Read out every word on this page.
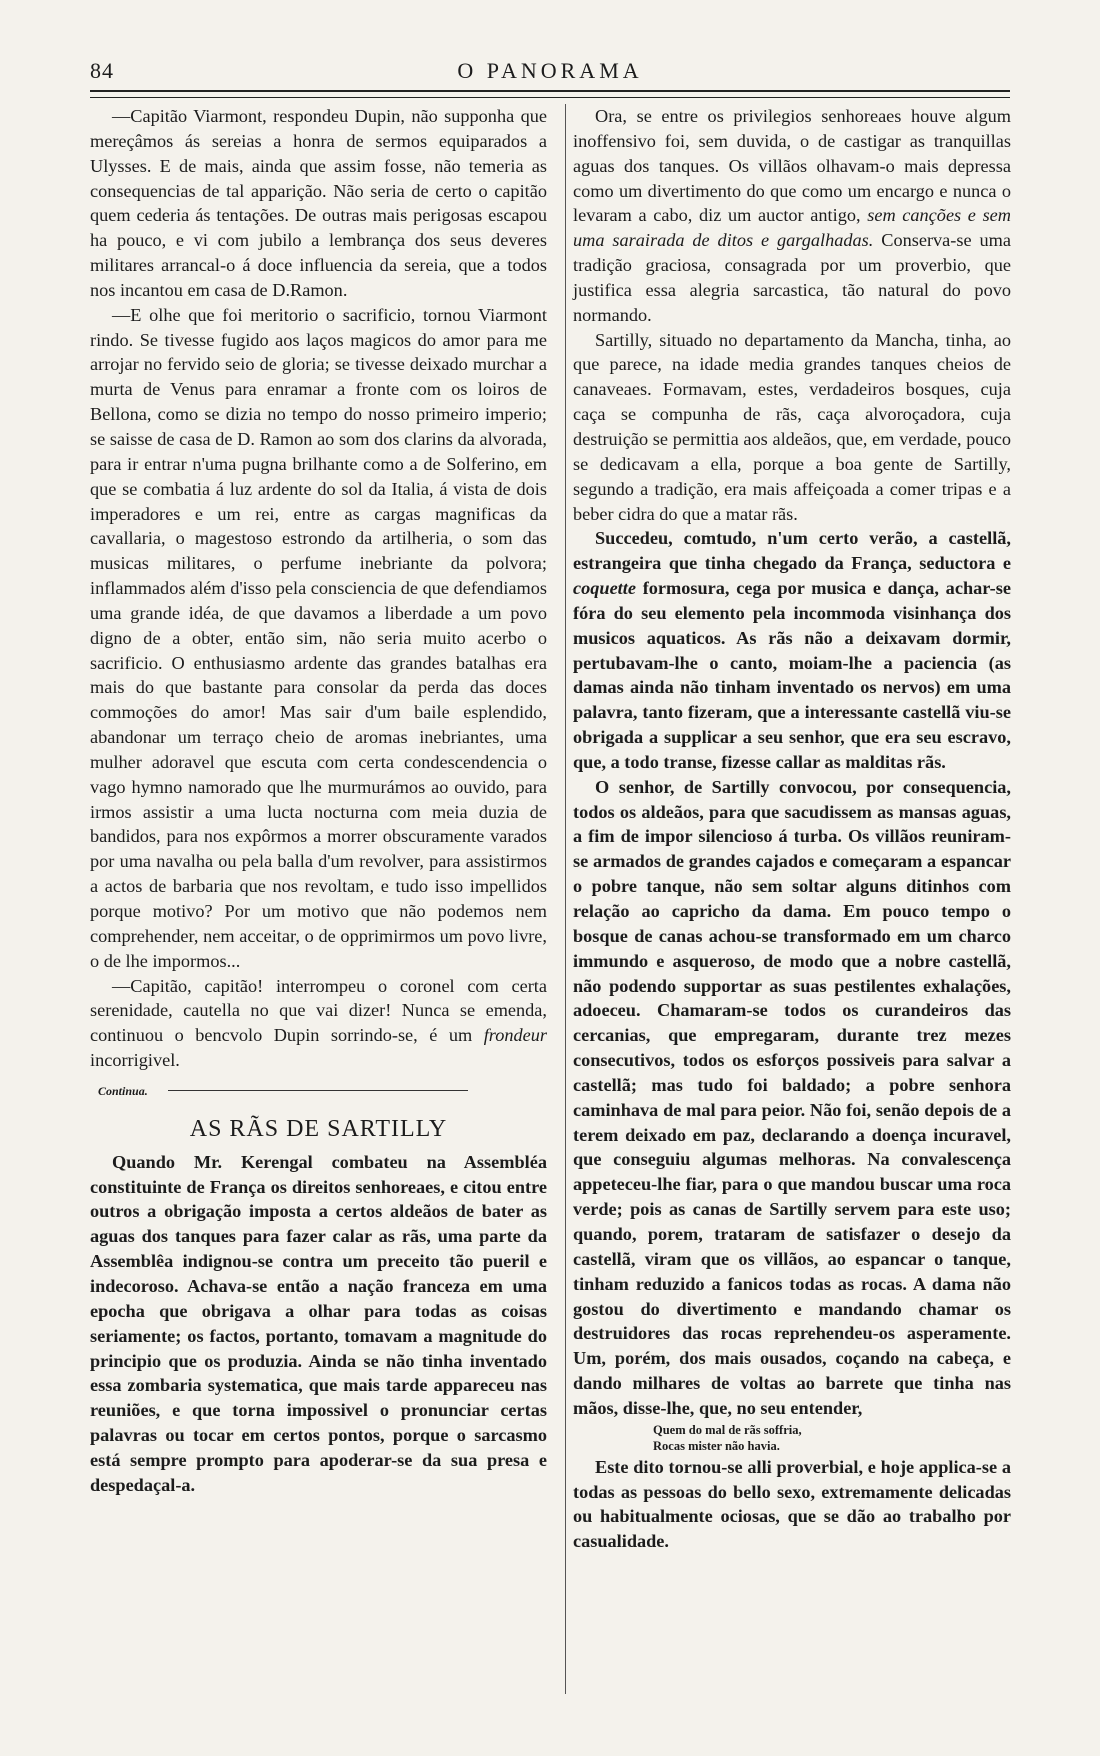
84	O PANORAMA

—Capitão Viarmont, respondeu Dupin, não supponha que mereçâmos ás sereias a honra de sermos equiparados a Ulysses. E de mais, ainda que assim fosse, não temeria as consequencias de tal apparição. Não seria de certo o capitão quem cederia ás tentações. De outras mais perigosas escapou ha pouco, e vi com jubilo a lembrança dos seus deveres militares arrancal-o á doce influencia da sereia, que a todos nos incantou em casa de D.Ramon.

—E olhe que foi meritorio o sacrificio, tornou Viarmont rindo. Se tivesse fugido aos laços magicos do amor para me arrojar no fervido seio de gloria; se tivesse deixado murchar a murta de Venus para enramar a fronte com os loiros de Bellona, como se dizia no tempo do nosso primeiro imperio; se saisse de casa de D. Ramon ao som dos clarins da alvorada, para ir entrar n'uma pugna brilhante como a de Solferino, em que se combatia á luz ardente do sol da Italia, á vista de dois imperadores e um rei, entre as cargas magnificas da cavallaria, o magestoso estrondo da artilheria, o som das musicas militares, o perfume inebriante da polvora; inflammados além d'isso pela consciencia de que defendiamos uma grande idéa, de que davamos a liberdade a um povo digno de a obter, então sim, não seria muito acerbo o sacrificio. O enthusiasmo ardente das grandes batalhas era mais do que bastante para consolar da perda das doces commoções do amor! Mas sair d'um baile esplendido, abandonar um terraço cheio de aromas inebriantes, uma mulher adoravel que escuta com certa condescendencia o vago hymno namorado que lhe murmurámos ao ouvido, para irmos assistir a uma lucta nocturna com meia duzia de bandidos, para nos expôrmos a morrer obscuramente varados por uma navalha ou pela balla d'um revolver, para assistirmos a actos de barbaria que nos revoltam, e tudo isso impellidos porque motivo? Por um motivo que não podemos nem comprehender, nem acceitar, o de opprimirmos um povo livre, o de lhe impormos...

—Capitão, capitão! interrompeu o coronel com certa serenidade, cautella no que vai dizer! Nunca se emenda, continuou o bencvolo Dupin sorrindo-se, é um frondeur incorrigivel.

Continua.
AS RÃS DE SARTILLY

Quando Mr. Kerengal combateu na Assembléa constituinte de França os direitos senhoreaes, e citou entre outros a obrigação imposta a certos aldeãos de bater as aguas dos tanques para fazer calar as rãs, uma parte da Assemblêa indignou-se contra um preceito tão pueril e indecoroso. Achava-se então a nação franceza em uma epocha que obrigava a olhar para todas as coisas seriamente; os factos, portanto, tomavam a magnitude do principio que os produzia. Ainda se não tinha inventado essa zombaria systematica, que mais tarde appareceu nas reuniões, e que torna impossivel o pronunciar certas palavras ou tocar em certos pontos, porque o sarcasmo está sempre prompto para apoderar-se da sua presa e despedaçal-a.

Ora, se entre os privilegios senhoreaes houve algum inoffensivo foi, sem duvida, o de castigar as tranquillas aguas dos tanques. Os villãos olhavam-o mais depressa como um divertimento do que como um encargo e nunca o levaram a cabo, diz um auctor antigo, sem canções e sem uma sarairada de ditos e gargalhadas. Conserva-se uma tradição graciosa, consagrada por um proverbio, que justifica essa alegria sarcastica, tão natural do povo normando.

Sartilly, situado no departamento da Mancha, tinha, ao que parece, na idade media grandes tanques cheios de canaveaes. Formavam, estes, verdadeiros bosques, cuja caça se compunha de rãs, caça alvoroçadora, cuja destruição se permittia aos aldeãos, que, em verdade, pouco se dedicavam a ella, porque a boa gente de Sartilly, segundo a tradição, era mais affeiçoada a comer tripas e a beber cidra do que a matar rãs.

Succedeu, comtudo, n'um certo verão, a castellã, estrangeira que tinha chegado da França, seductora e coquette formosura, cega por musica e dança, achar-se fóra do seu elemento pela incommoda visinhança dos musicos aquaticos. As rãs não a deixavam dormir, pertubavam-lhe o canto, moiam-lhe a paciencia (as damas ainda não tinham inventado os nervos) em uma palavra, tanto fizeram, que a interessante castellã viu-se obrigada a supplicar a seu senhor, que era seu escravo, que, a todo transe, fizesse callar as malditas rãs.

O senhor, de Sartilly convocou, por consequencia, todos os aldeãos, para que sacudissem as mansas aguas, a fim de impor silencioso á turba. Os villãos reuniram-se armados de grandes cajados e começaram a espancar o pobre tanque, não sem soltar alguns ditinhos com relação ao capricho da dama. Em pouco tempo o bosque de canas achou-se transformado em um charco immundo e asqueroso, de modo que a nobre castellã, não podendo supportar as suas pestilentes exhalações, adoeceu. Chamaram-se todos os curandeiros das cercanias, que empregaram, durante trez mezes consecutivos, todos os esforços possiveis para salvar a castellã; mas tudo foi baldado; a pobre senhora caminhava de mal para peior. Não foi, senão depois de a terem deixado em paz, declarando a doença incuravel, que conseguiu algumas melhoras. Na convalescença appeteceu-lhe fiar, para o que mandou buscar uma roca verde; pois as canas de Sartilly servem para este uso; quando, porem, trataram de satisfazer o desejo da castellã, viram que os villãos, ao espancar o tanque, tinham reduzido a fanicos todas as rocas. A dama não gostou do divertimento e mandando chamar os destruidores das rocas reprehendeu-os asperamente. Um, porém, dos mais ousados, coçando na cabeça, e dando milhares de voltas ao barrete que tinha nas mãos, disse-lhe, que, no seu entender,

Quem do mal de rãs soffria,
Rocas mister não havia.

Este dito tornou-se alli proverbial, e hoje applica-se a todas as pessoas do bello sexo, extremamente delicadas ou habitualmente ociosas, que se dão ao trabalho por casualidade.
